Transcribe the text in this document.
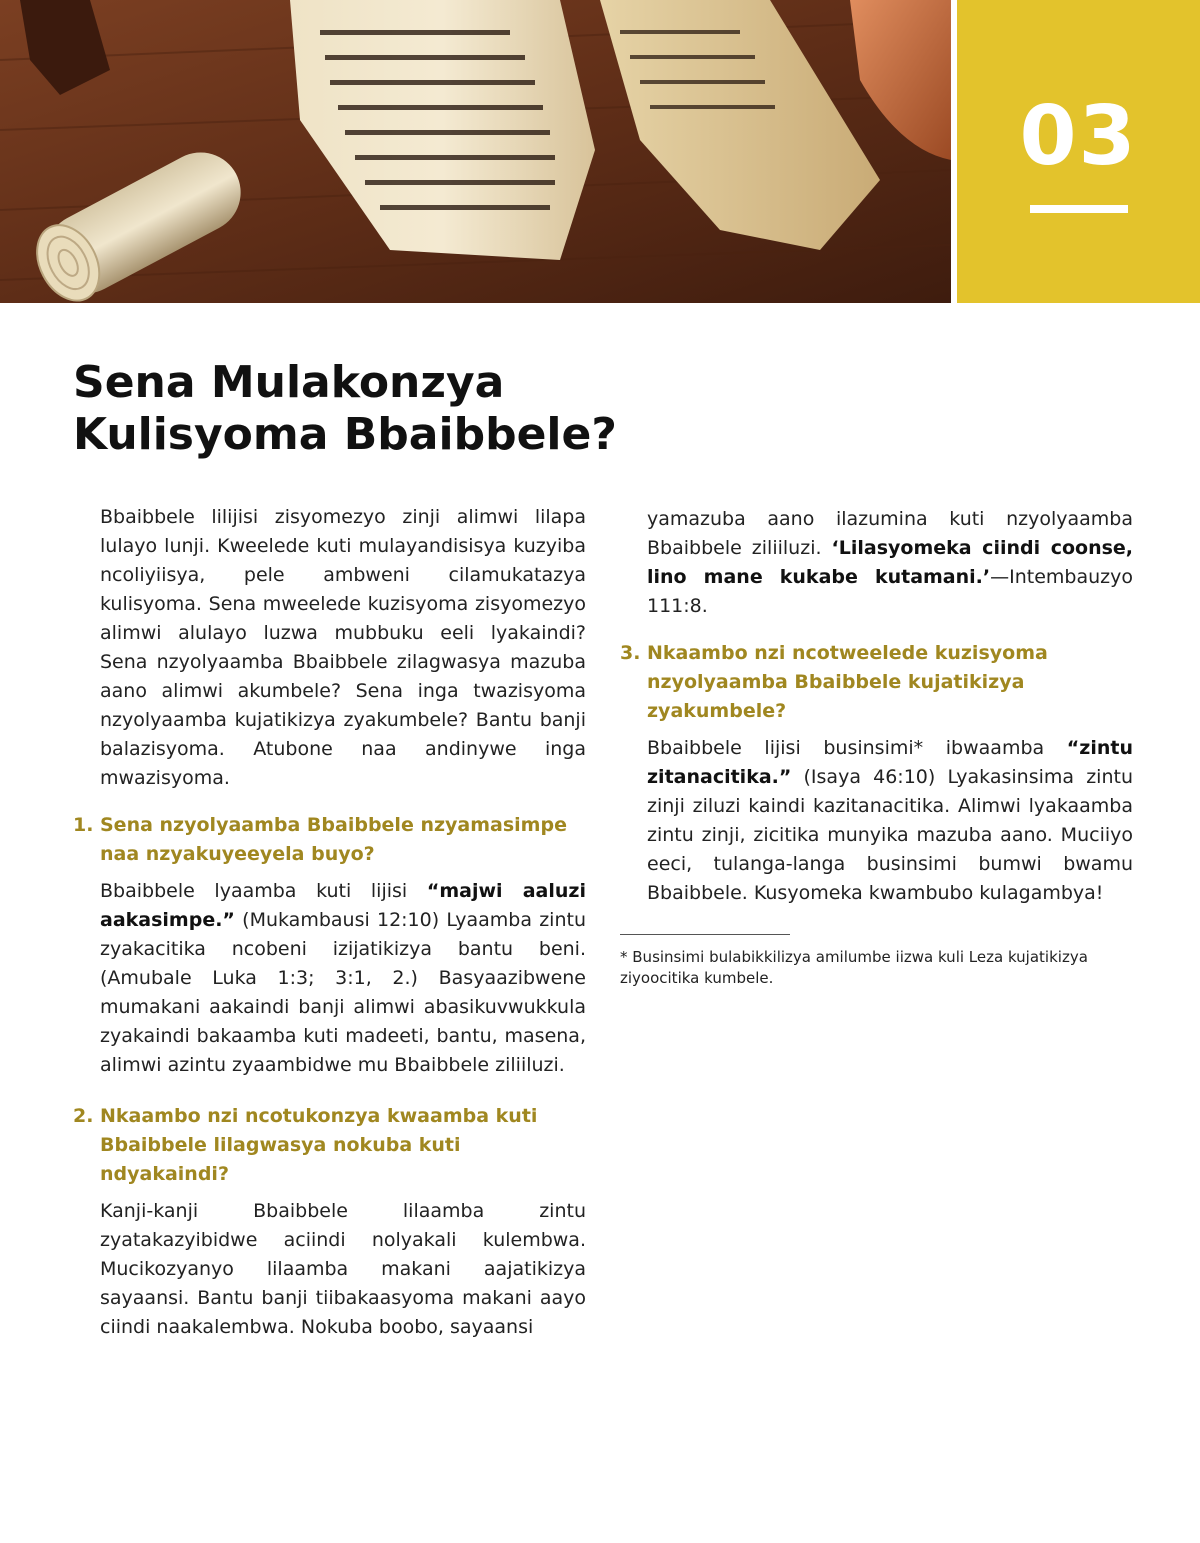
03
Sena Mulakonzya
Kulisyoma Bbaibbele?

Bbaibbele lilijisi zisyomezyo zinji alimwi lilapa lulayo lunji. Kweelede kuti mulayandisisya kuzyiba ncoliyiisya, pele ambweni cilamukatazya kulisyoma. Sena mweelede kuzisyoma zisyomezyo alimwi alulayo luzwa mubbuku eeli lyakaindi? Sena nzyolyaamba Bbaibbele zilagwasya mazuba aano alimwi akumbele? Sena inga twazisyoma nzyolyaamba kujatikizya zyakumbele? Bantu banji balazisyoma. Atubone naa andinywe inga mwazisyoma.

1. Sena nzyolyaamba Bbaibbele nzyamasimpe naa nzyakuyeeyela buyo?

Bbaibbele lyaamba kuti lijisi “majwi aaluzi aakasimpe.” (Mukambausi 12:10) Lyaamba zintu zyakacitika ncobeni izijatikizya bantu beni. (Amubale Luka 1:3; 3:1, 2.) Basyaazibwene mumakani aakaindi banji alimwi abasikuvwukkula zyakaindi bakaamba kuti madeeti, bantu, masena, alimwi azintu zyaambidwe mu Bbaibbele ziliiluzi.

2. Nkaambo nzi ncotukonzya kwaamba kuti Bbaibbele lilagwasya nokuba kuti ndyakaindi?

Kanji-kanji Bbaibbele lilaamba zintu zyatakazyibidwe aciindi nolyakali kulembwa. Mucikozyanyo lilaamba makani aajatikizya sayaansi. Bantu banji tiibakaasyoma makani aayo ciindi naakalembwa. Nokuba boobo, sayaansi

yamazuba aano ilazumina kuti nzyolyaamba Bbaibbele ziliiluzi. ‘Lilasyomeka ciindi coonse, lino mane kukabe kutamani.’—Intembauzyo 111:8.

3. Nkaambo nzi ncotweelede kuzisyoma nzyolyaamba Bbaibbele kujatikizya zyakumbele?

Bbaibbele lijisi businsimi* ibwaamba “zintu zitanacitika.” (Isaya 46:10) Lyakasinsima zintu zinji ziluzi kaindi kazitanacitika. Alimwi lyakaamba zintu zinji, zicitika munyika mazuba aano. Muciiyo eeci, tulanga-langa businsimi bumwi bwamu Bbaibbele. Kusyomeka kwambubo kulagambya!

* Businsimi bulabikkilizya amilumbe iizwa kuli Leza kujatikizya ziyoocitika kumbele.
